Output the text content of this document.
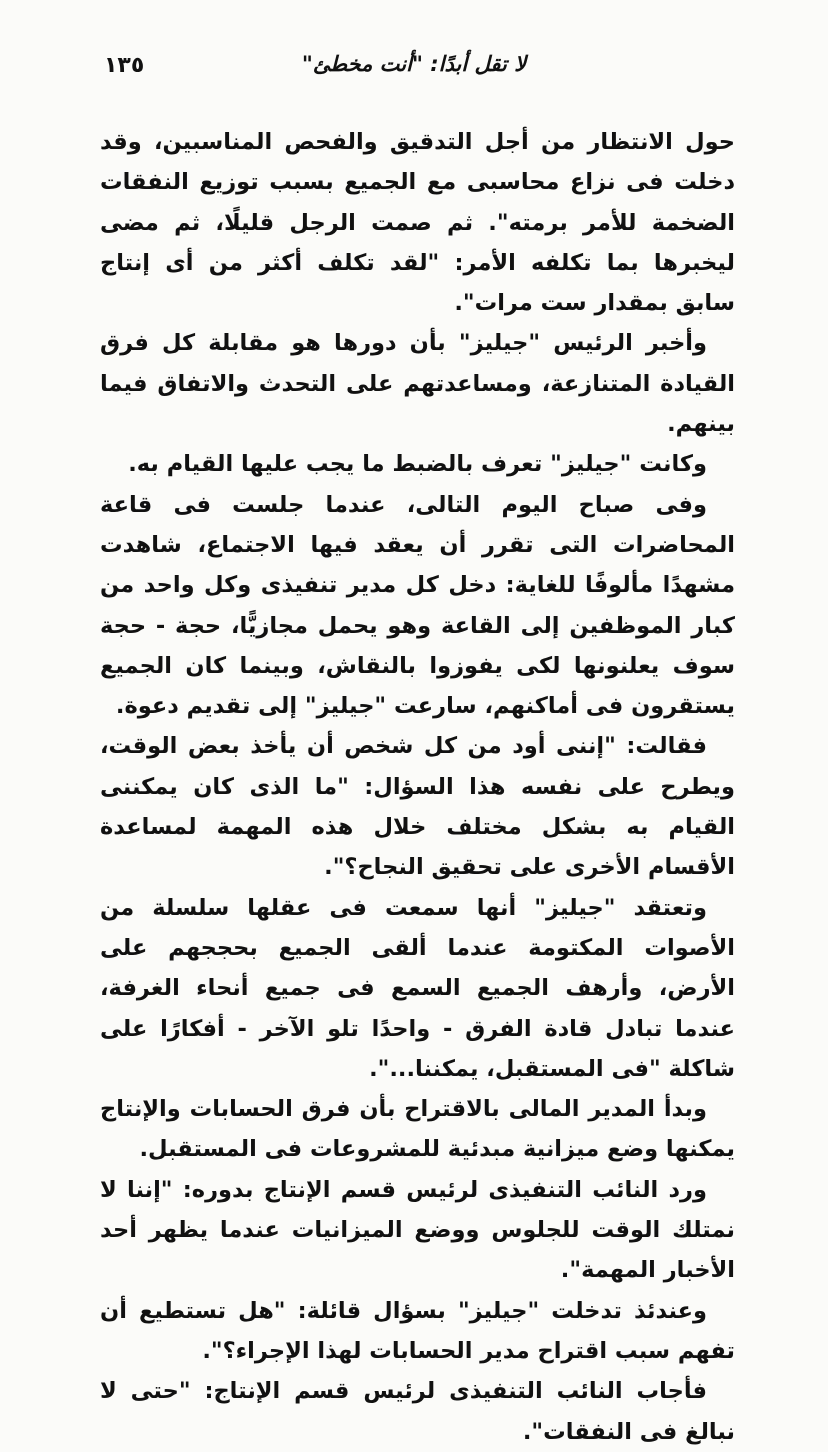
لا تقل أبدًا: "أنت مخطئ"
١٣٥

حول الانتظار من أجل التدقيق والفحص المناسبين، وقد دخلت فى نزاع محاسبى مع الجميع بسبب توزيع النفقات الضخمة للأمر برمته". ثم صمت الرجل قليلًا، ثم مضى ليخبرها بما تكلفه الأمر: "لقد تكلف أكثر من أى إنتاج سابق بمقدار ست مرات".

وأخبر الرئيس "جيليز" بأن دورها هو مقابلة كل فرق القيادة المتنازعة، ومساعدتهم على التحدث والاتفاق فيما بينهم.

وكانت "جيليز" تعرف بالضبط ما يجب عليها القيام به.

وفى صباح اليوم التالى، عندما جلست فى قاعة المحاضرات التى تقرر أن يعقد فيها الاجتماع، شاهدت مشهدًا مألوفًا للغاية: دخل كل مدير تنفيذى وكل واحد من كبار الموظفين إلى القاعة وهو يحمل مجازيًّا، حجة - حجة سوف يعلنونها لكى يفوزوا بالنقاش، وبينما كان الجميع يستقرون فى أماكنهم، سارعت "جيليز" إلى تقديم دعوة.

فقالت: "إننى أود من كل شخص أن يأخذ بعض الوقت، ويطرح على نفسه هذا السؤال: "ما الذى كان يمكننى القيام به بشكل مختلف خلال هذه المهمة لمساعدة الأقسام الأخرى على تحقيق النجاح؟".

وتعتقد "جيليز" أنها سمعت فى عقلها سلسلة من الأصوات المكتومة عندما ألقى الجميع بحججهم على الأرض، وأرهف الجميع السمع فى جميع أنحاء الغرفة، عندما تبادل قادة الفرق - واحدًا تلو الآخر - أفكارًا على شاكلة "فى المستقبل، يمكننا...".

وبدأ المدير المالى بالاقتراح بأن فرق الحسابات والإنتاج يمكنها وضع ميزانية مبدئية للمشروعات فى المستقبل.

ورد النائب التنفيذى لرئيس قسم الإنتاج بدوره: "إننا لا نمتلك الوقت للجلوس ووضع الميزانيات عندما يظهر أحد الأخبار المهمة".

وعندئذ تدخلت "جيليز" بسؤال قائلة: "هل تستطيع أن تفهم سبب اقتراح مدير الحسابات لهذا الإجراء؟".

فأجاب النائب التنفيذى لرئيس قسم الإنتاج: "حتى لا نبالغ فى النفقات".
